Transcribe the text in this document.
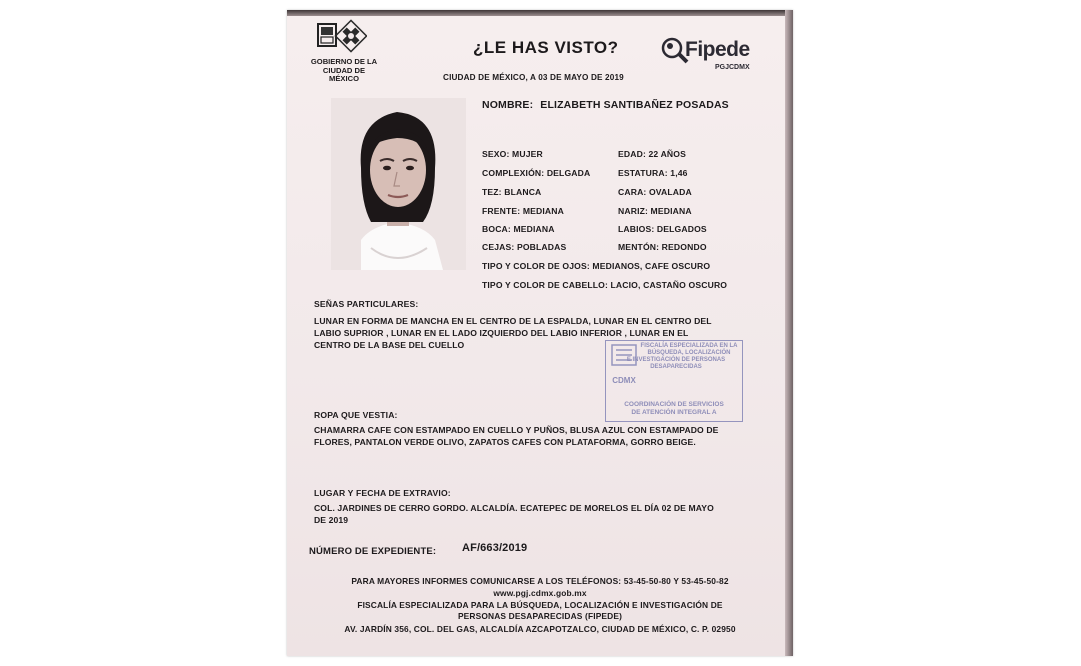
GOBIERNO DE LA CIUDAD DE MÉXICO
¿LE HAS VISTO?
CIUDAD DE MÉXICO, A 03 DE MAYO DE 2019
Fipede
PGJCDMX
NOMBRE: ELIZABETH SANTIBAÑEZ POSADAS
SEXO: MUJER	EDAD: 22 AÑOS
COMPLEXIÓN: DELGADA	ESTATURA: 1,46
TEZ: BLANCA	CARA: OVALADA
FRENTE: MEDIANA	NARIZ: MEDIANA
BOCA: MEDIANA	LABIOS: DELGADOS
CEJAS: POBLADAS	MENTÓN: REDONDO
TIPO Y COLOR DE OJOS: MEDIANOS, CAFE OSCURO
TIPO Y COLOR DE CABELLO: LACIO, CASTAÑO OSCURO
SEÑAS PARTICULARES:
LUNAR EN FORMA DE MANCHA EN EL CENTRO DE LA ESPALDA, LUNAR EN EL CENTRO DEL
LABIO SUPRIOR , LUNAR EN EL LADO IZQUIERDO DEL LABIO INFERIOR , LUNAR EN EL
CENTRO DE LA BASE DEL CUELLO	FISCALÍA ESPECIALIZADA EN LA
BÚSQUEDA, LOCALIZACIÓN
E INVESTIGACIÓN DE PERSONAS
DESAPARECIDAS
CDMX
COORDINACIÓN DE SERVICIOS
DE ATENCIÓN INTEGRAL A
ROPA QUE VESTIA:
CHAMARRA CAFE CON ESTAMPADO EN CUELLO Y PUÑOS, BLUSA AZUL CON ESTAMPADO DE
FLORES, PANTALON VERDE OLIVO, ZAPATOS CAFES CON PLATAFORMA, GORRO BEIGE.
LUGAR Y FECHA DE EXTRAVIO:
COL. JARDINES DE CERRO GORDO. ALCALDÍA. ECATEPEC DE MORELOS EL DÍA 02 DE MAYO
DE 2019
NÚMERO DE EXPEDIENTE: AF/663/2019
PARA MAYORES INFORMES COMUNICARSE A LOS TELÉFONOS: 53-45-50-80 Y 53-45-50-82
www.pgj.cdmx.gob.mx
FISCALÍA ESPECIALIZADA PARA LA BÚSQUEDA, LOCALIZACIÓN E INVESTIGACIÓN DE
PERSONAS DESAPARECIDAS (FIPEDE)
AV. JARDÍN 356, COL. DEL GAS, ALCALDÍA AZCAPOTZALCO, CIUDAD DE MÉXICO, C. P. 02950
